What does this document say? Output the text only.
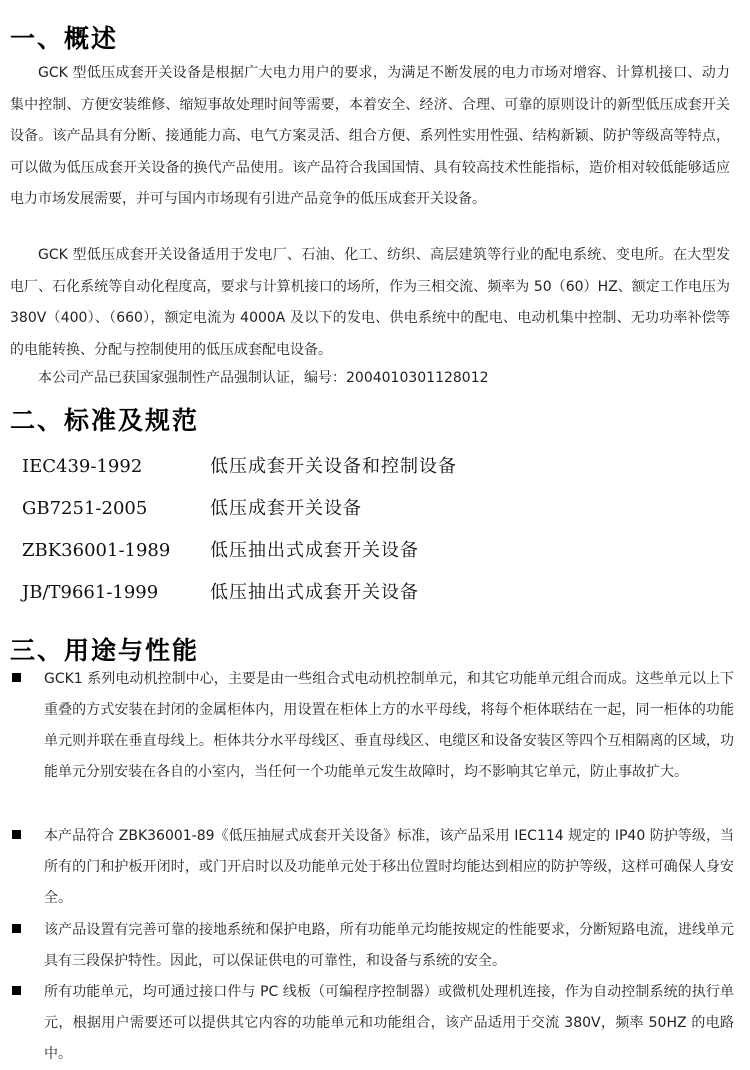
一、概述

GCK 型低压成套开关设备是根据广大电力用户的要求，为满足不断发展的电力市场对增容、计算机接口、动力集中控制、方便安装维修、缩短事故处理时间等需要，本着安全、经济、合理、可靠的原则设计的新型低压成套开关设备。该产品具有分断、接通能力高、电气方案灵活、组合方便、系列性实用性强、结构新颖、防护等级高等特点，可以做为低压成套开关设备的换代产品使用。该产品符合我国国情、具有较高技术性能指标，造价相对较低能够适应电力市场发展需要，并可与国内市场现有引进产品竞争的低压成套开关设备。

GCK 型低压成套开关设备适用于发电厂、石油、化工、纺织、高层建筑等行业的配电系统、变电所。在大型发电厂、石化系统等自动化程度高，要求与计算机接口的场所，作为三相交流、频率为 50（60）HZ、额定工作电压为 380V（400）、（660），额定电流为 4000A 及以下的发电、供电系统中的配电、电动机集中控制、无功功率补偿等的电能转换、分配与控制使用的低压成套配电设备。

本公司产品已获国家强制性产品强制认证，编号：2004010301128012

二、标准及规范
IEC439-1992	低压成套开关设备和控制设备
GB7251-2005	低压成套开关设备
ZBK36001-1989	低压抽出式成套开关设备
JB/T9661-1999	低压抽出式成套开关设备
三、用途与性能

GCK1 系列电动机控制中心，主要是由一些组合式电动机控制单元，和其它功能单元组合而成。这些单元以上下重叠的方式安装在封闭的金属柜体内，用设置在柜体上方的水平母线，将每个柜体联结在一起，同一柜体的功能单元则并联在垂直母线上。柜体共分水平母线区、垂直母线区、电缆区和设备安装区等四个互相隔离的区域，功能单元分别安装在各自的小室内，当任何一个功能单元发生故障时，均不影响其它单元，防止事故扩大。

本产品符合 ZBK36001-89《低压抽屉式成套开关设备》标准，该产品采用 IEC114 规定的 IP40 防护等级，当所有的门和护板开闭时，或门开启时以及功能单元处于移出位置时均能达到相应的防护等级，这样可确保人身安全。

该产品设置有完善可靠的接地系统和保护电路，所有功能单元均能按规定的性能要求，分断短路电流，进线单元具有三段保护特性。因此，可以保证供电的可靠性，和设备与系统的安全。

所有功能单元，均可通过接口件与 PC 线板（可编程序控制器）或微机处理机连接，作为自动控制系统的执行单元，根据用户需要还可以提供其它内容的功能单元和功能组合，该产品适用于交流 380V，频率 50HZ 的电路中。
